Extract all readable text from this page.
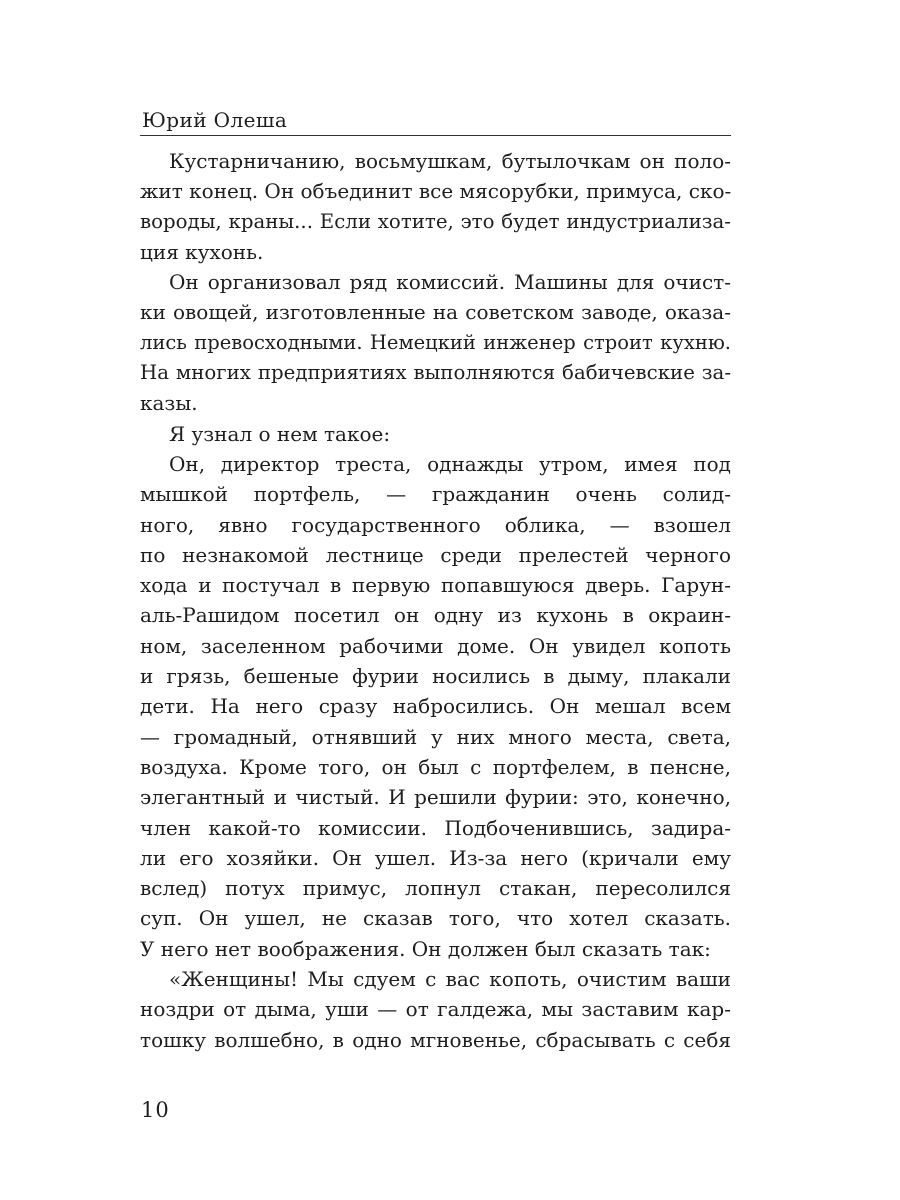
Юрий Олеша
Кустарничанию, восьмушкам, бутылочкам он поло-
жит конец. Он объединит все мясорубки, примуса, ско-
вороды, краны... Если хотите, это будет индустриализа-
ция кухонь.
Он организовал ряд комиссий. Машины для очист-
ки овощей, изготовленные на советском заводе, оказа-
лись превосходными. Немецкий инженер строит кухню.
На многих предприятиях выполняются бабичевские за-
казы.
Я узнал о нем такое:
Он, директор треста, однажды утром, имея под
мышкой портфель, — гражданин очень солид-
ного, явно государственного облика, — взошел
по незнакомой лестнице среди прелестей черного
хода и постучал в первую попавшуюся дверь. Гарун-
аль-Рашидом посетил он одну из кухонь в окраин-
ном, заселенном рабочими доме. Он увидел копоть
и грязь, бешеные фурии носились в дыму, плакали
дети. На него сразу набросились. Он мешал всем
— громадный, отнявший у них много места, света,
воздуха. Кроме того, он был с портфелем, в пенсне,
элегантный и чистый. И решили фурии: это, конечно,
член какой-то комиссии. Подбоченившись, задира-
ли его хозяйки. Он ушел. Из-за него (кричали ему
вслед) потух примус, лопнул стакан, пересолился
суп. Он ушел, не сказав того, что хотел сказать.
У него нет воображения. Он должен был сказать так:
«Женщины! Мы сдуем с вас копоть, очистим ваши
ноздри от дыма, уши — от галдежа, мы заставим кар-
тошку волшебно, в одно мгновенье, сбрасывать с себя
10
